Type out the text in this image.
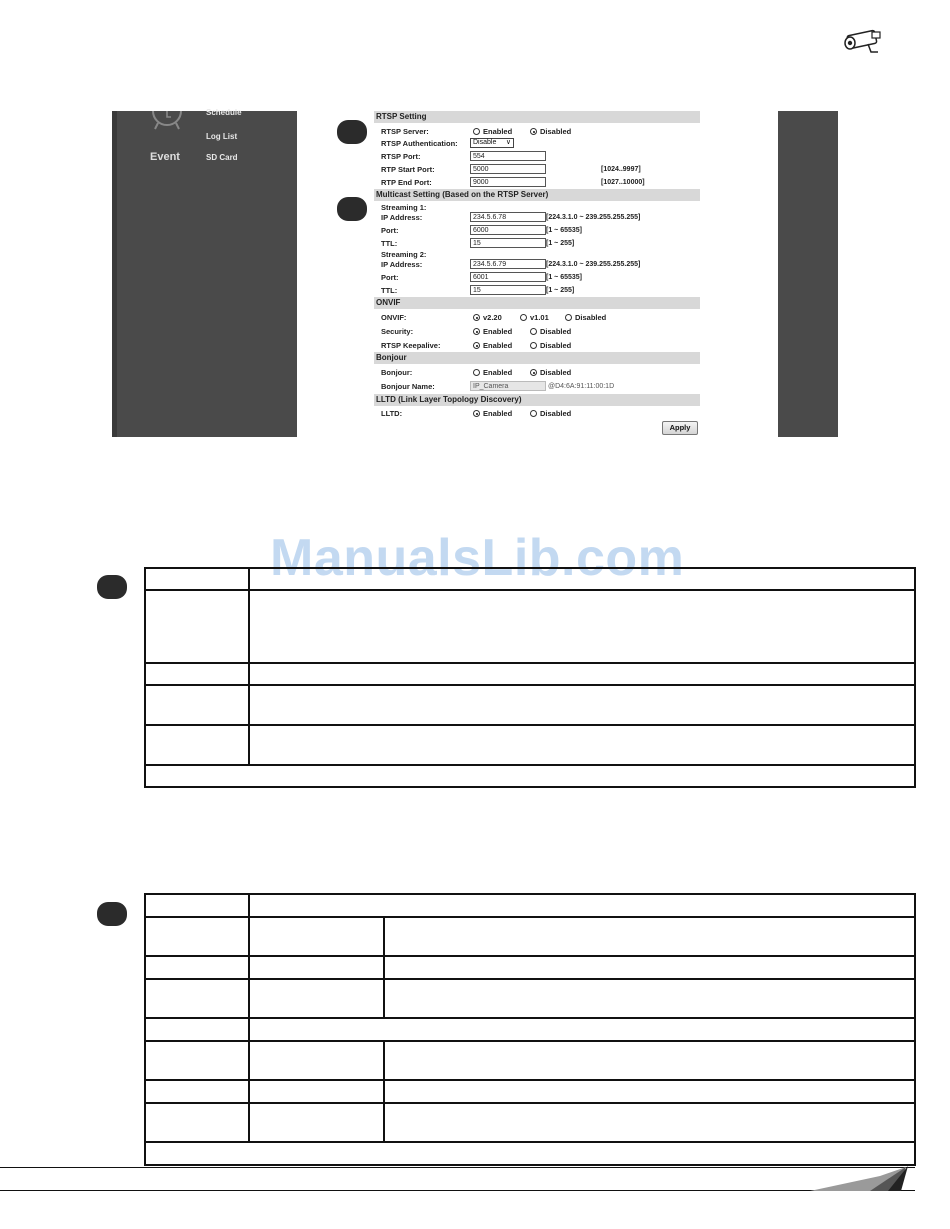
Schedule
Log List
Event	SD Card
RTSP Setting
RTSP Server:	Enabled	Disabled
RTSP Authentication:	Disable ∨
RTSP Port:	554
RTP Start Port:	5000	[1024..9997]
RTP End Port:	9000	[1027..10000]
Multicast Setting (Based on the RTSP Server)
Streaming 1:
IP Address:	234.5.6.78	[224.3.1.0 ~ 239.255.255.255]
Port:	6000	[1 ~ 65535]
TTL:	15	[1 ~ 255]
Streaming 2:
IP Address:	234.5.6.79	[224.3.1.0 ~ 239.255.255.255]
Port:	6001	[1 ~ 65535]
TTL:	15	[1 ~ 255]
ONVIF
ONVIF:	v2.20	v1.01	Disabled
Security:	Enabled	Disabled
RTSP Keepalive:	Enabled	Disabled
Bonjour
Bonjour:	Enabled	Disabled
Bonjour Name:	IP_Camera	@D4:6A:91:11:00:1D
LLTD (Link Layer Topology Discovery)
LLTD:	Enabled	Disabled
Apply
ManualsLib.com
